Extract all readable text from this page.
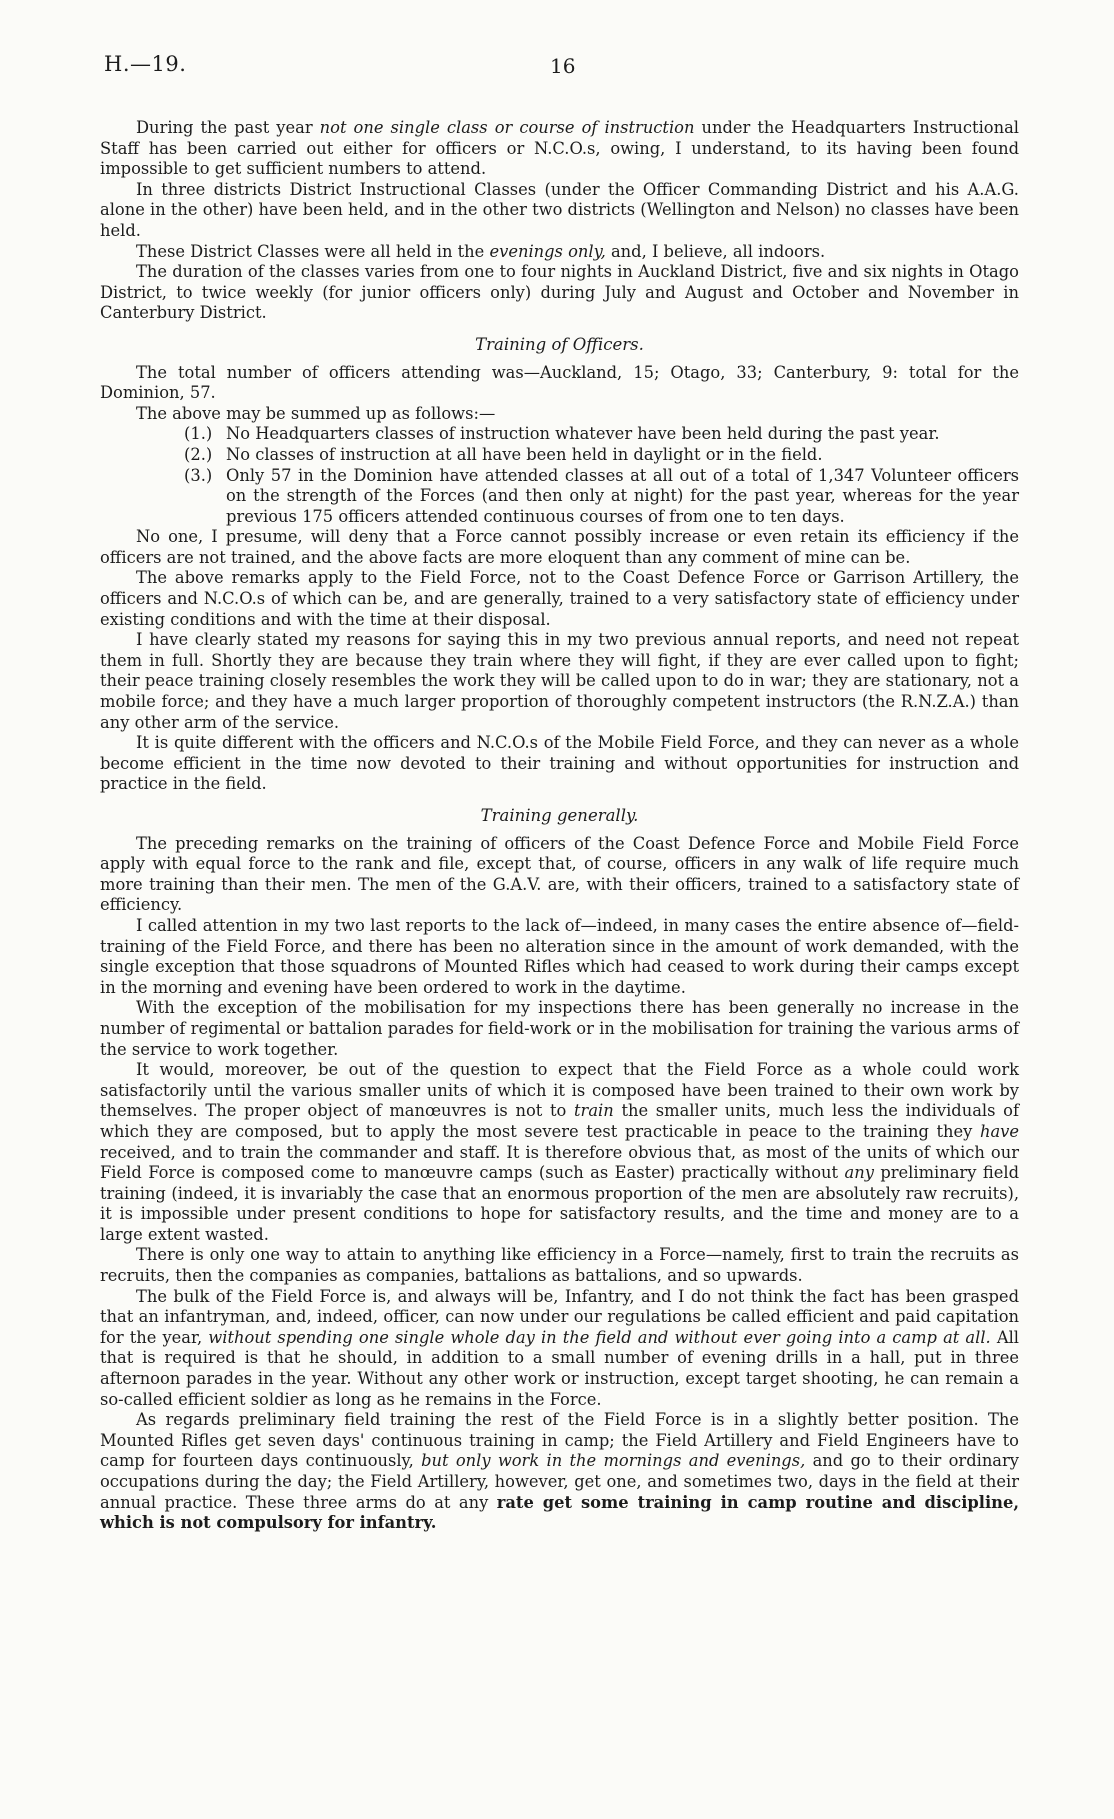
H.—19.	16

During the past year not one single class or course of instruction under the Headquarters Instructional Staff has been carried out either for officers or N.C.O.s, owing, I understand, to its having been found impossible to get sufficient numbers to attend.

In three districts District Instructional Classes (under the Officer Commanding District and his A.A.G. alone in the other) have been held, and in the other two districts (Wellington and Nelson) no classes have been held.

These District Classes were all held in the evenings only, and, I believe, all indoors.

The duration of the classes varies from one to four nights in Auckland District, five and six nights in Otago District, to twice weekly (for junior officers only) during July and August and October and November in Canterbury District.

Training of Officers.

The total number of officers attending was—Auckland, 15; Otago, 33; Canterbury, 9: total for the Dominion, 57.

The above may be summed up as follows:—

(1.) No Headquarters classes of instruction whatever have been held during the past year.
(2.) No classes of instruction at all have been held in daylight or in the field.
(3.) Only 57 in the Dominion have attended classes at all out of a total of 1,347 Volunteer officers on the strength of the Forces (and then only at night) for the past year, whereas for the year previous 175 officers attended continuous courses of from one to ten days.

No one, I presume, will deny that a Force cannot possibly increase or even retain its efficiency if the officers are not trained, and the above facts are more eloquent than any comment of mine can be.

The above remarks apply to the Field Force, not to the Coast Defence Force or Garrison Artillery, the officers and N.C.O.s of which can be, and are generally, trained to a very satisfactory state of efficiency under existing conditions and with the time at their disposal.

I have clearly stated my reasons for saying this in my two previous annual reports, and need not repeat them in full. Shortly they are because they train where they will fight, if they are ever called upon to fight; their peace training closely resembles the work they will be called upon to do in war; they are stationary, not a mobile force; and they have a much larger proportion of thoroughly competent instructors (the R.N.Z.A.) than any other arm of the service.

It is quite different with the officers and N.C.O.s of the Mobile Field Force, and they can never as a whole become efficient in the time now devoted to their training and without opportunities for instruction and practice in the field.

Training generally.

The preceding remarks on the training of officers of the Coast Defence Force and Mobile Field Force apply with equal force to the rank and file, except that, of course, officers in any walk of life require much more training than their men. The men of the G.A.V. are, with their officers, trained to a satisfactory state of efficiency.

I called attention in my two last reports to the lack of—indeed, in many cases the entire absence of—field-training of the Field Force, and there has been no alteration since in the amount of work demanded, with the single exception that those squadrons of Mounted Rifles which had ceased to work during their camps except in the morning and evening have been ordered to work in the daytime.

With the exception of the mobilisation for my inspections there has been generally no increase in the number of regimental or battalion parades for field-work or in the mobilisation for training the various arms of the service to work together.

It would, moreover, be out of the question to expect that the Field Force as a whole could work satisfactorily until the various smaller units of which it is composed have been trained to their own work by themselves. The proper object of manœuvres is not to train the smaller units, much less the individuals of which they are composed, but to apply the most severe test practicable in peace to the training they have received, and to train the commander and staff. It is therefore obvious that, as most of the units of which our Field Force is composed come to manœuvre camps (such as Easter) practically without any preliminary field training (indeed, it is invariably the case that an enormous proportion of the men are absolutely raw recruits), it is impossible under present conditions to hope for satisfactory results, and the time and money are to a large extent wasted.

There is only one way to attain to anything like efficiency in a Force—namely, first to train the recruits as recruits, then the companies as companies, battalions as battalions, and so upwards.

The bulk of the Field Force is, and always will be, Infantry, and I do not think the fact has been grasped that an infantryman, and, indeed, officer, can now under our regulations be called efficient and paid capitation for the year, without spending one single whole day in the field and without ever going into a camp at all. All that is required is that he should, in addition to a small number of evening drills in a hall, put in three afternoon parades in the year. Without any other work or instruction, except target shooting, he can remain a so-called efficient soldier as long as he remains in the Force.

As regards preliminary field training the rest of the Field Force is in a slightly better position. The Mounted Rifles get seven days' continuous training in camp; the Field Artillery and Field Engineers have to camp for fourteen days continuously, but only work in the mornings and evenings, and go to their ordinary occupations during the day; the Field Artillery, however, get one, and sometimes two, days in the field at their annual practice. These three arms do at any rate get some training in camp routine and discipline, which is not compulsory for infantry.
